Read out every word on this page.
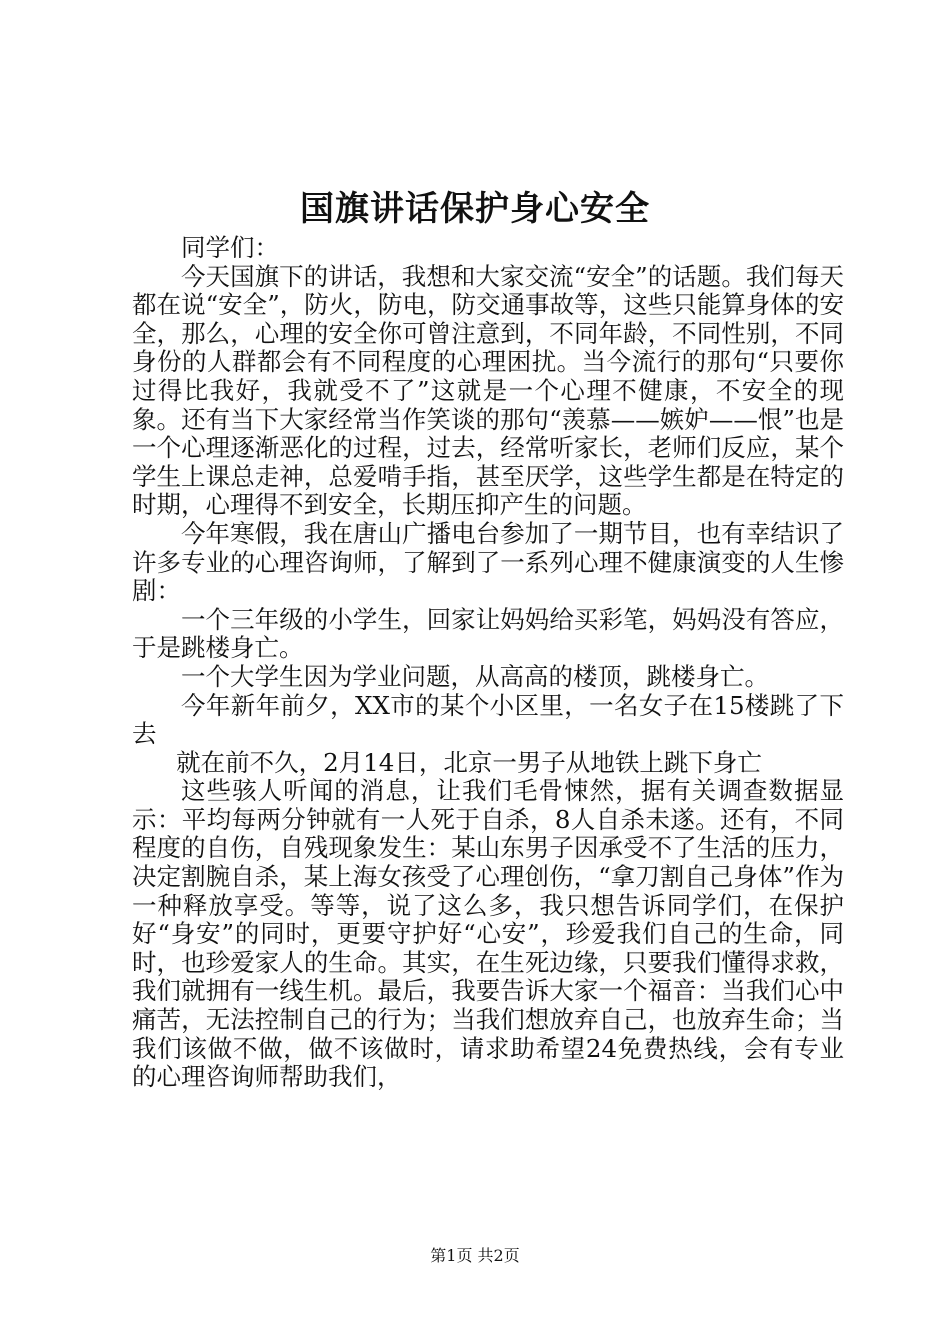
国旗讲话保护身心安全

同学们：

今天国旗下的讲话，我想和大家交流“安全”的话题。我们每天都在说“安全”，防火，防电，防交通事故等，这些只能算身体的安全，那么，心理的安全你可曾注意到，不同年龄，不同性别，不同身份的人群都会有不同程度的心理困扰。当今流行的那句“只要你过得比我好，我就受不了”这就是一个心理不健康，不安全的现象。还有当下大家经常当作笑谈的那句“羡慕——嫉妒——恨”也是一个心理逐渐恶化的过程，过去，经常听家长，老师们反应，某个学生上课总走神，总爱啃手指，甚至厌学，这些学生都是在特定的时期，心理得不到安全，长期压抑产生的问题。

今年寒假，我在唐山广播电台参加了一期节目，也有幸结识了许多专业的心理咨询师，了解到了一系列心理不健康演变的人生惨剧：

一个三年级的小学生，回家让妈妈给买彩笔，妈妈没有答应，于是跳楼身亡。

一个大学生因为学业问题，从高高的楼顶，跳楼身亡。

今年新年前夕，XX市的某个小区里，一名女子在15楼跳了下去

就在前不久，2月14日，北京一男子从地铁上跳下身亡

这些骇人听闻的消息，让我们毛骨悚然，据有关调查数据显示：平均每两分钟就有一人死于自杀，8人自杀未遂。还有，不同程度的自伤，自残现象发生：某山东男子因承受不了生活的压力，决定割腕自杀，某上海女孩受了心理创伤，“拿刀割自己身体”作为一种释放享受。等等，说了这么多，我只想告诉同学们，在保护好“身安”的同时，更要守护好“心安”，珍爱我们自己的生命，同时，也珍爱家人的生命。其实，在生死边缘，只要我们懂得求救，我们就拥有一线生机。最后，我要告诉大家一个福音：当我们心中痛苦，无法控制自己的行为；当我们想放弃自己，也放弃生命；当我们该做不做，做不该做时，请求助希望24免费热线，会有专业的心理咨询师帮助我们，

第1页 共2页
